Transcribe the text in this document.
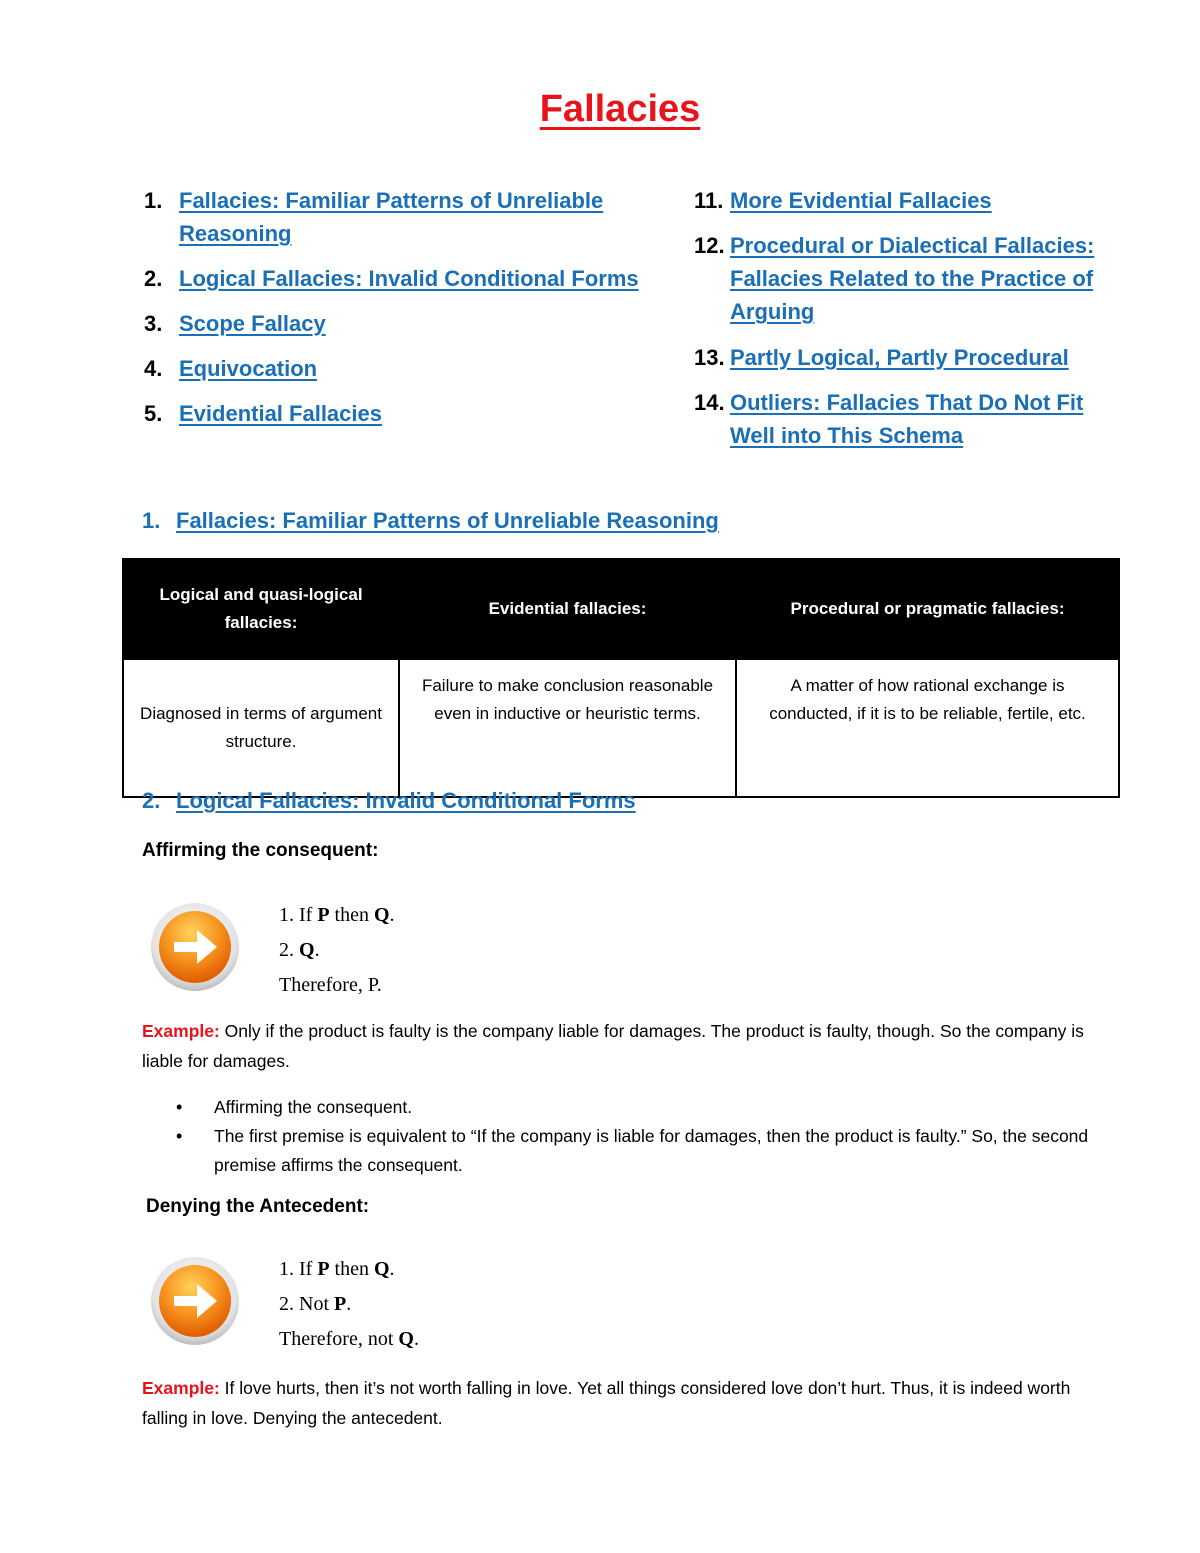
Fallacies
1. Fallacies: Familiar Patterns of Unreliable Reasoning
2. Logical Fallacies: Invalid Conditional Forms
3. Scope Fallacy
4. Equivocation
5. Evidential Fallacies
11. More Evidential Fallacies
12. Procedural or Dialectical Fallacies: Fallacies Related to the Practice of Arguing
13. Partly Logical, Partly Procedural
14. Outliers: Fallacies That Do Not Fit Well into This Schema
1. Fallacies: Familiar Patterns of Unreliable Reasoning
Logical and quasi-logical fallacies:	Evidential fallacies:	Procedural or pragmatic fallacies:
Diagnosed in terms of argument structure.	Failure to make conclusion reasonable even in inductive or heuristic terms.	A matter of how rational exchange is conducted, if it is to be reliable, fertile, etc.
2. Logical Fallacies: Invalid Conditional Forms
Affirming the consequent:
1. If P then Q.
2. Q.
Therefore, P.
Example: Only if the product is faulty is the company liable for damages. The product is faulty, though. So the company is liable for damages.
• Affirming the consequent.
• The first premise is equivalent to “If the company is liable for damages, then the product is faulty.” So, the second premise affirms the consequent.
Denying the Antecedent:
1. If P then Q.
2. Not P.
Therefore, not Q.
Example: If love hurts, then it’s not worth falling in love. Yet all things considered love don’t hurt. Thus, it is indeed worth falling in love. Denying the antecedent.
